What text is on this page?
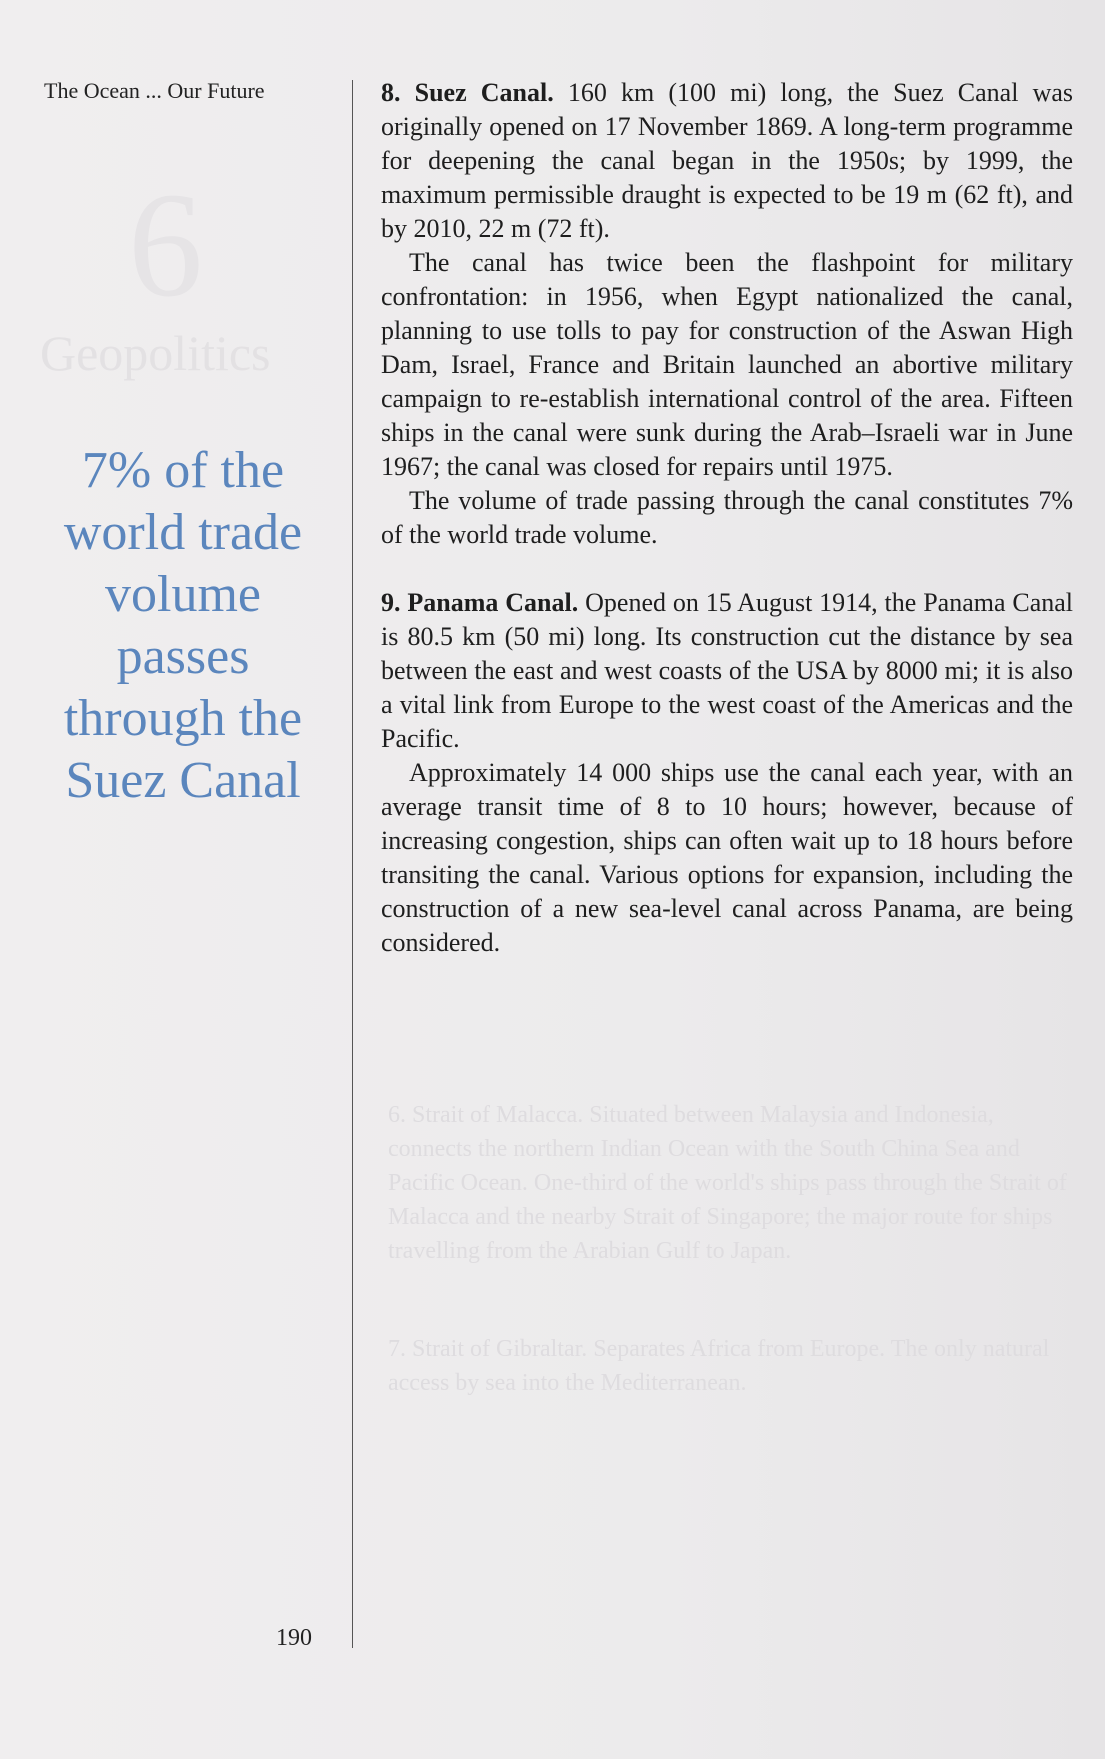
6. Strait of Malacca. Situated between Malaysia and Indonesia, connects the northern Indian Ocean with the South China Sea and Pacific Ocean. One-third of the world's ships pass through the Strait of Malacca and the nearby Strait of Singapore; the major route for ships travelling from the Arabian Gulf to Japan.
7. Strait of Gibraltar. Separates Africa from Europe. The only natural access by sea into the Mediterranean.
The Ocean ... Our Future
6
Geopolitics
7% of the world trade volume passes through the Suez Canal

8. Suez Canal. 160 km (100 mi) long, the Suez Canal was originally opened on 17 November 1869. A long-term programme for deepening the canal began in the 1950s; by 1999, the maximum permissible draught is expected to be 19 m (62 ft), and by 2010, 22 m (72 ft).

The canal has twice been the flashpoint for military confrontation: in 1956, when Egypt nationalized the canal, planning to use tolls to pay for construction of the Aswan High Dam, Israel, France and Britain launched an abortive military campaign to re-establish international control of the area. Fifteen ships in the canal were sunk during the Arab–Israeli war in June 1967; the canal was closed for repairs until 1975.

The volume of trade passing through the canal constitutes 7% of the world trade volume.

9. Panama Canal. Opened on 15 August 1914, the Panama Canal is 80.5 km (50 mi) long. Its construction cut the distance by sea between the east and west coasts of the USA by 8000 mi; it is also a vital link from Europe to the west coast of the Americas and the Pacific.

Approximately 14 000 ships use the canal each year, with an average transit time of 8 to 10 hours; however, because of increasing congestion, ships can often wait up to 18 hours before transiting the canal. Various options for expansion, including the construction of a new sea-level canal across Panama, are being considered.

190
